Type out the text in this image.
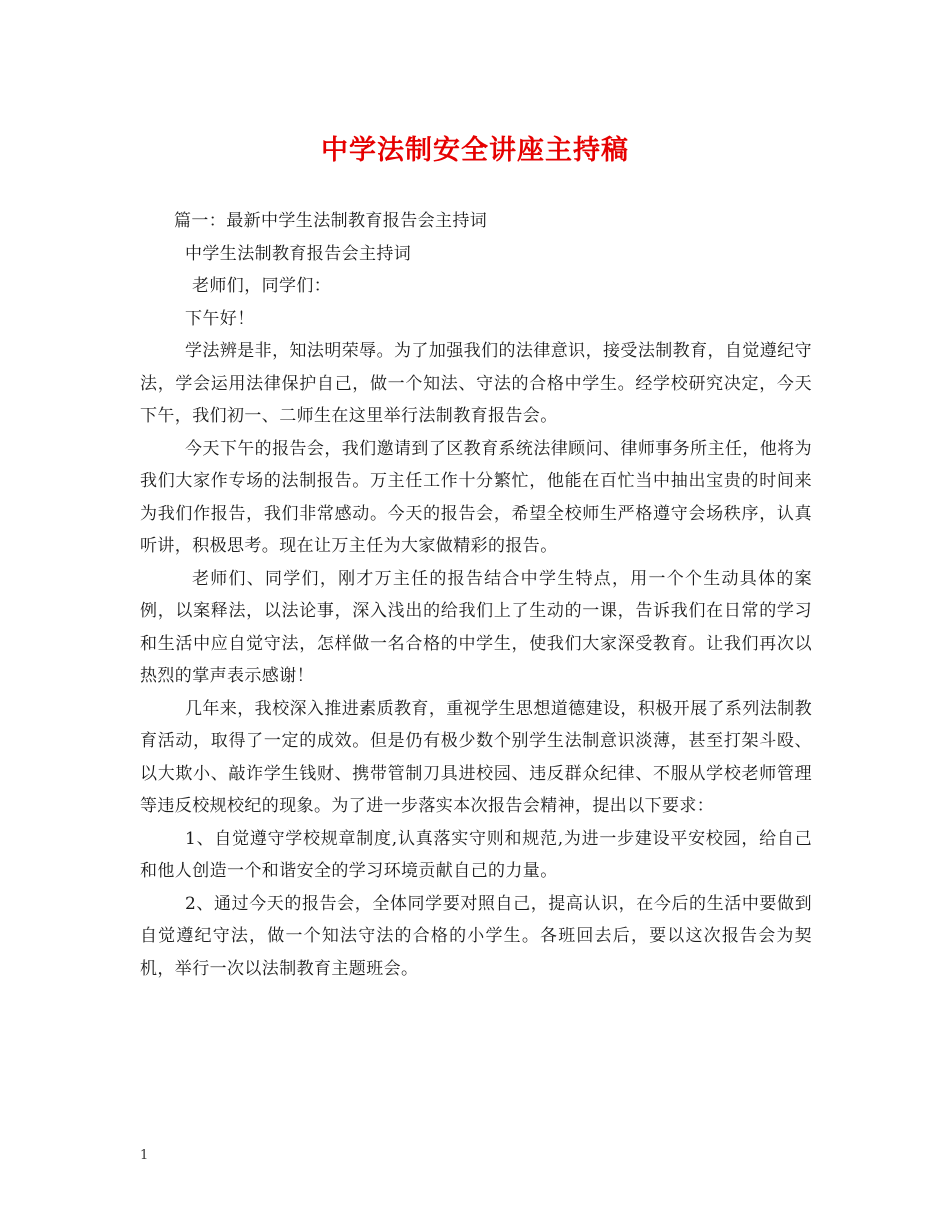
中学法制安全讲座主持稿

篇一：最新中学生法制教育报告会主持词

中学生法制教育报告会主持词

老师们，同学们：

下午好！

学法辨是非，知法明荣辱。为了加强我们的法律意识，接受法制教育，自觉遵纪守法，学会运用法律保护自己，做一个知法、守法的合格中学生。经学校研究决定，今天下午，我们初一、二师生在这里举行法制教育报告会。

今天下午的报告会，我们邀请到了区教育系统法律顾问、律师事务所主任，他将为我们大家作专场的法制报告。万主任工作十分繁忙，他能在百忙当中抽出宝贵的时间来为我们作报告，我们非常感动。今天的报告会，希望全校师生严格遵守会场秩序，认真听讲，积极思考。现在让万主任为大家做精彩的报告。

老师们、同学们，刚才万主任的报告结合中学生特点，用一个个生动具体的案例，以案释法，以法论事，深入浅出的给我们上了生动的一课，告诉我们在日常的学习和生活中应自觉守法，怎样做一名合格的中学生，使我们大家深受教育。让我们再次以热烈的掌声表示感谢！

几年来，我校深入推进素质教育，重视学生思想道德建设，积极开展了系列法制教育活动，取得了一定的成效。但是仍有极少数个别学生法制意识淡薄，甚至打架斗殴、以大欺小、敲诈学生钱财、携带管制刀具进校园、违反群众纪律、不服从学校老师管理等违反校规校纪的现象。为了进一步落实本次报告会精神，提出以下要求：

1、自觉遵守学校规章制度,认真落实守则和规范,为进一步建设平安校园，给自己和他人创造一个和谐安全的学习环境贡献自己的力量。

2、通过今天的报告会，全体同学要对照自己，提高认识，在今后的生活中要做到自觉遵纪守法，做一个知法守法的合格的小学生。各班回去后，要以这次报告会为契机，举行一次以法制教育主题班会。

1
